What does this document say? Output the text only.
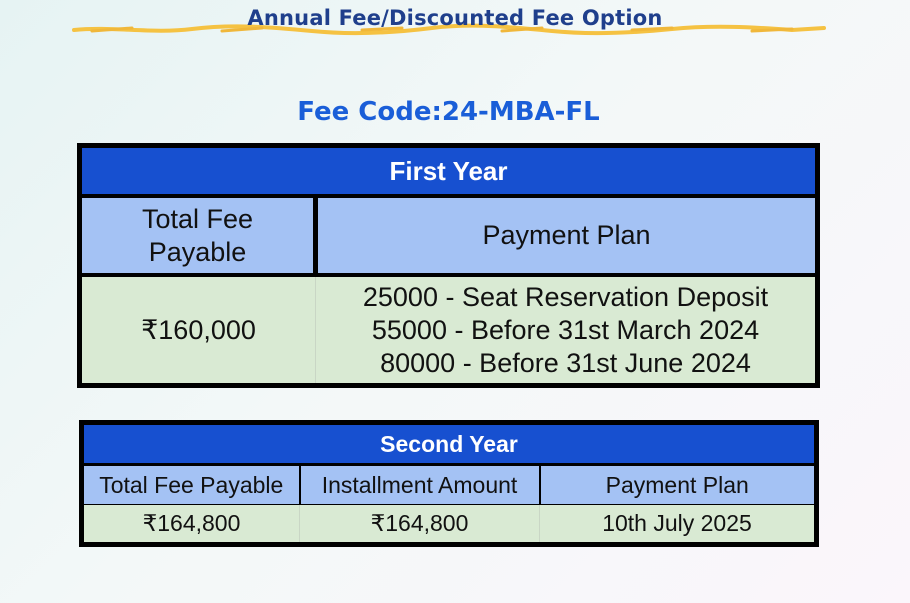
Annual Fee/Discounted Fee Option
Fee Code:24-MBA-FL
First Year	

Total Fee
Payable	Payment Plan
₹160,000	25000 - Seat Reservation Deposit
55000 - Before 31st March 2024
80000 - Before 31st June 2024
Second Year		
Total Fee Payable	Installment Amount	Payment Plan
₹164,800	₹164,800	10th July 2025
